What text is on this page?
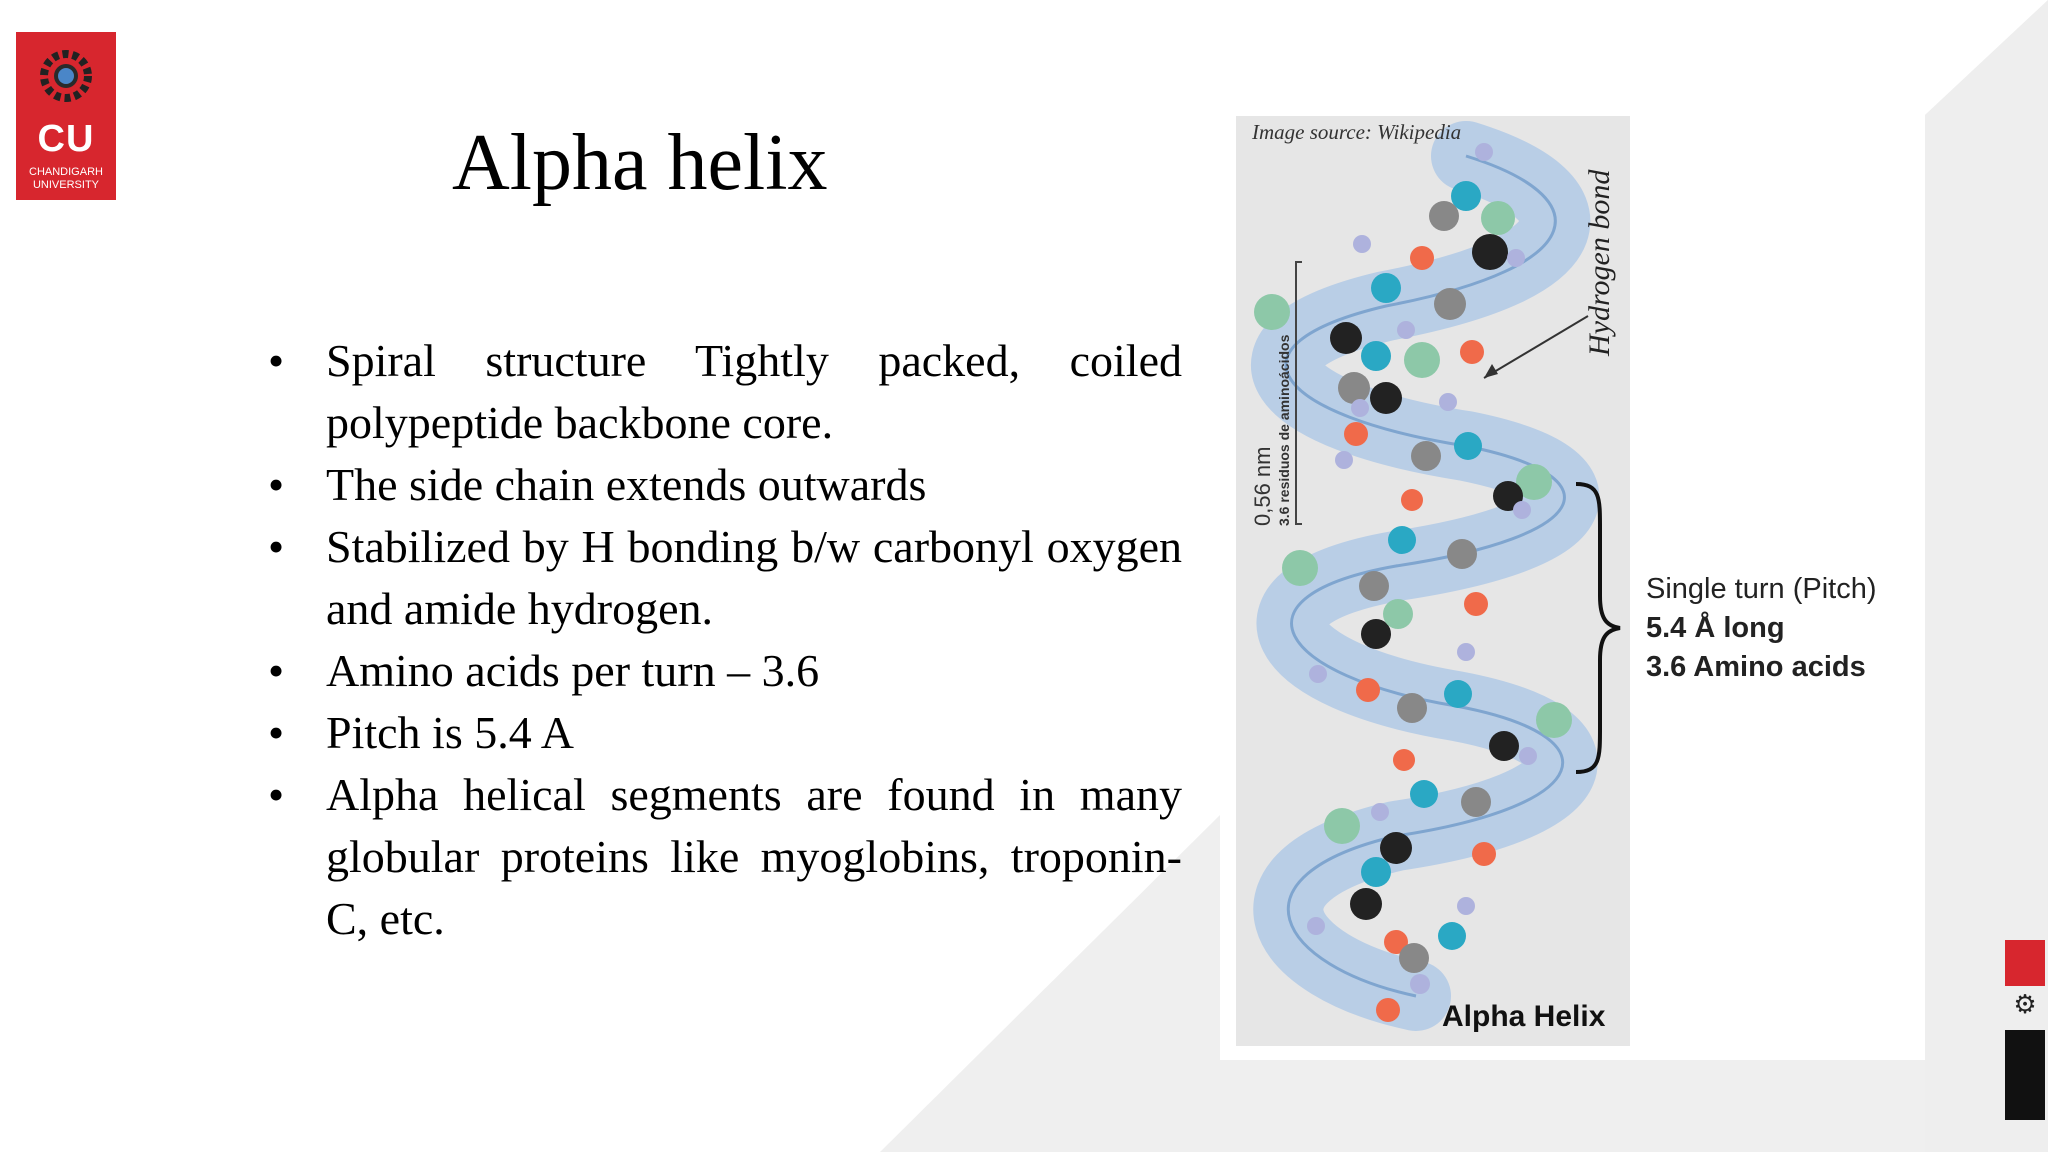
CU
CHANDIGARH
UNIVERSITY	Alpha helix
• Spiral structure Tightly packed, coiled polypeptide backbone core.
• The side chain extends outwards
• Stabilized by H bonding b/w carbonyl oxygen and amide hydrogen.
• Amino acids per turn – 3.6
• Pitch is 5.4 A
• Alpha helical segments are found in many globular proteins like myoglobins, troponin- C, etc.
Image source: Wikipedia
Hydrogen bond
0,56 nm 3.6 residuos de aminoácidos
Alpha Helix
Single turn (Pitch)
5.4 Å long
3.6 Amino acids
⚙
